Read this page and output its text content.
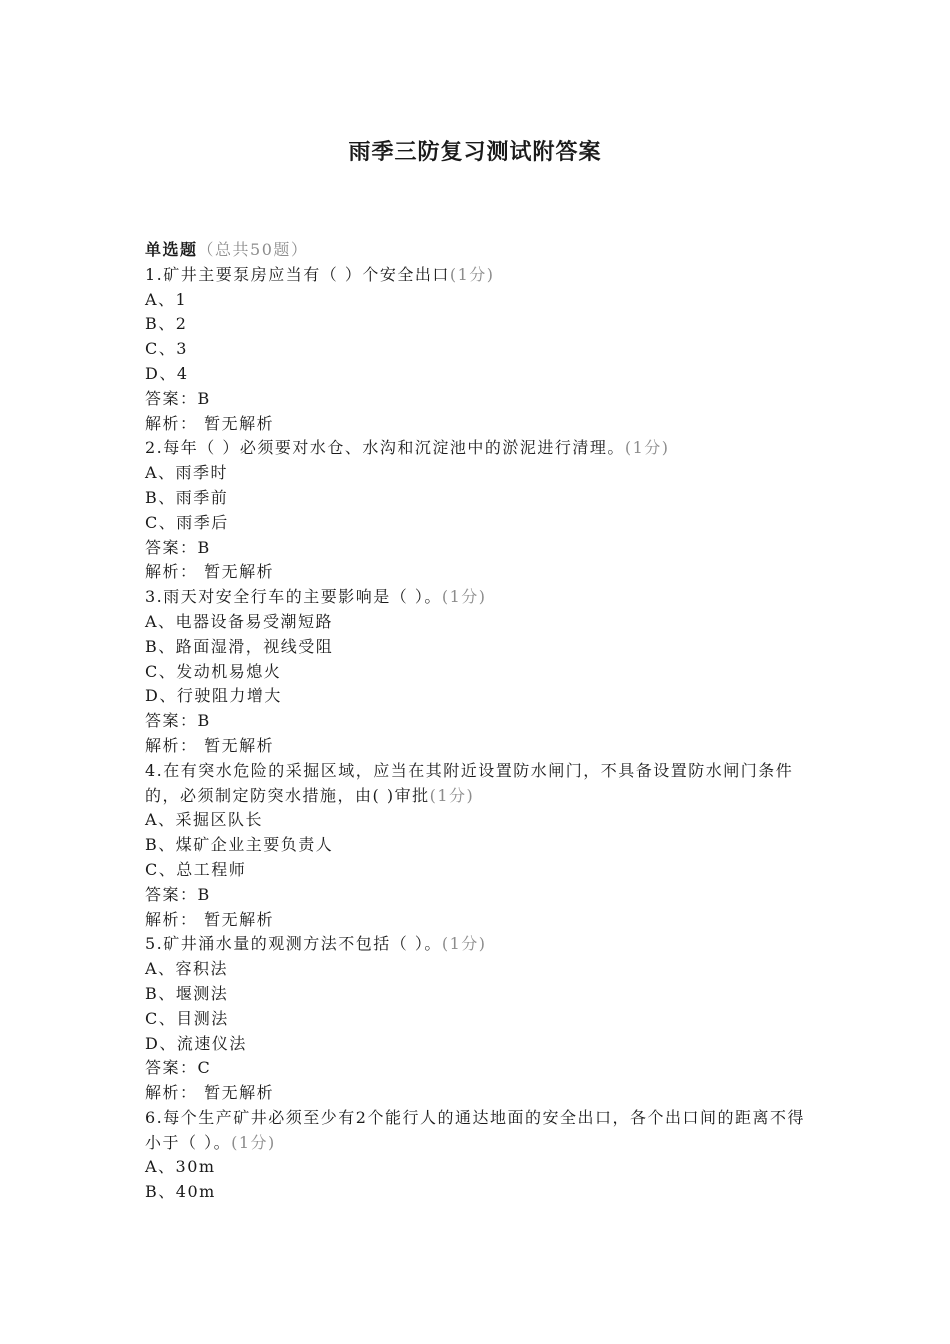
雨季三防复习测试附答案
单选题（总共50题）
1.矿井主要泵房应当有（ ）个安全出口(1分)
A、1
B、2
C、3
D、4
答案：B
解析： 暂无解析
2.每年（ ）必须要对水仓、水沟和沉淀池中的淤泥进行清理。(1分)
A、雨季时
B、雨季前
C、雨季后
答案：B
解析： 暂无解析
3.雨天对安全行车的主要影响是（ ）。(1分)
A、电器设备易受潮短路
B、路面湿滑，视线受阻
C、发动机易熄火
D、行驶阻力增大
答案：B
解析： 暂无解析
4.在有突水危险的采掘区域，应当在其附近设置防水闸门，不具备设置防水闸门条件的，必须制定防突水措施，由( )审批(1分)
A、采掘区队长
B、煤矿企业主要负责人
C、总工程师
答案：B
解析： 暂无解析
5.矿井涌水量的观测方法不包括（ ）。(1分)
A、容积法
B、堰测法
C、目测法
D、流速仪法
答案：C
解析： 暂无解析
6.每个生产矿井必须至少有2个能行人的通达地面的安全出口，各个出口间的距离不得小于（ ）。(1分)
A、30m
B、40m
